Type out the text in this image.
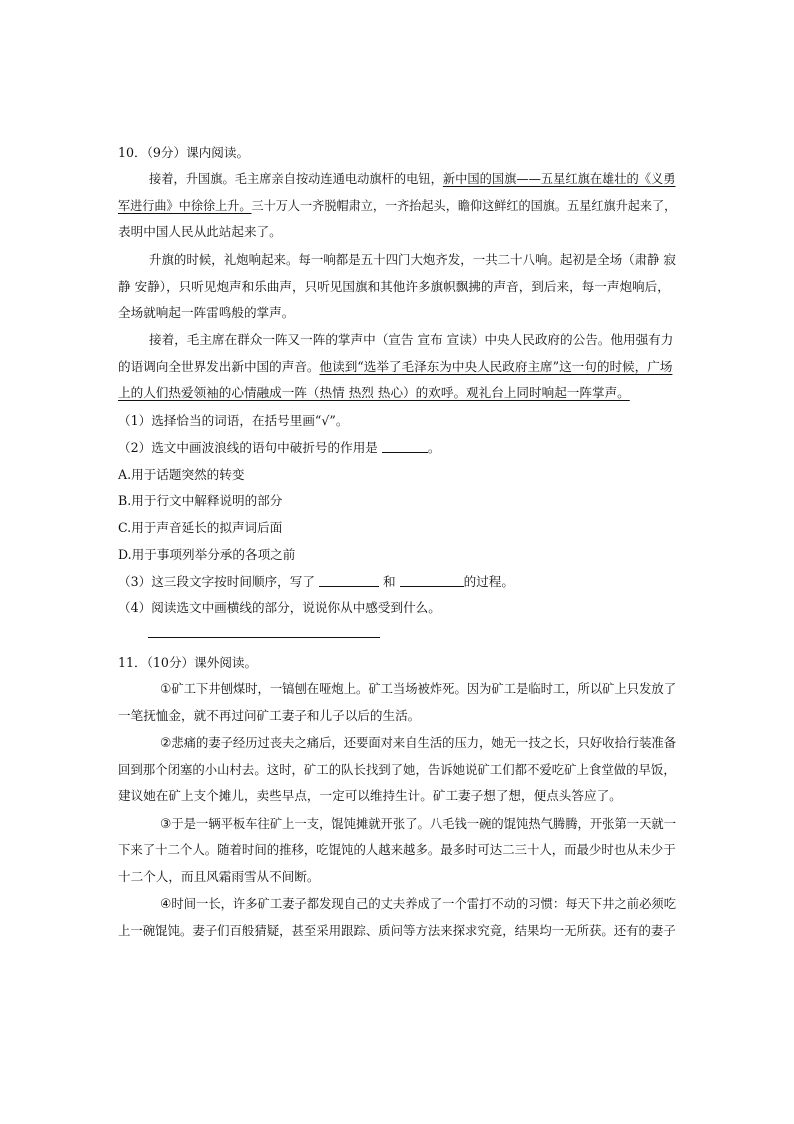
10．（9分）课内阅读。
接着，升国旗。毛主席亲自按动连通电动旗杆的电钮，新中国的国旗——五星红旗在雄壮的《义勇
军进行曲》中徐徐上升。三十万人一齐脱帽肃立，一齐抬起头，瞻仰这鲜红的国旗。五星红旗升起来了，
表明中国人民从此站起来了。
升旗的时候，礼炮响起来。每一响都是五十四门大炮齐发，一共二十八响。起初是全场（肃静 寂
静 安静），只听见炮声和乐曲声，只听见国旗和其他许多旗帜飘拂的声音，到后来，每一声炮响后，
全场就响起一阵雷鸣般的掌声。
接着，毛主席在群众一阵又一阵的掌声中（宣告 宣布 宣读）中央人民政府的公告。他用强有力
的语调向全世界发出新中国的声音。他读到“选举了毛泽东为中央人民政府主席”这一句的时候，广场
上的人们热爱领袖的心情融成一阵（热情 热烈 热心）的欢呼。观礼台上同时响起一阵掌声。
（1）选择恰当的词语，在括号里画“√”。
（2）选文中画波浪线的语句中破折号的作用是	。
A.用于话题突然的转变
B.用于行文中解释说明的部分
C.用于声音延长的拟声词后面
D.用于事项列举分承的各项之前
（3）这三段文字按时间顺序，写了	和	的过程。
（4）阅读选文中画横线的部分，说说你从中感受到什么。
11．（10分）课外阅读。
①矿工下井刨煤时，一镐刨在哑炮上。矿工当场被炸死。因为矿工是临时工，所以矿上只发放了
一笔抚恤金，就不再过问矿工妻子和儿子以后的生活。
②悲痛的妻子经历过丧夫之痛后，还要面对来自生活的压力，她无一技之长，只好收拾行装准备
回到那个闭塞的小山村去。这时，矿工的队长找到了她，告诉她说矿工们都不爱吃矿上食堂做的早饭，
建议她在矿上支个摊儿，卖些早点，一定可以维持生计。矿工妻子想了想，便点头答应了。
③于是一辆平板车往矿上一支，馄饨摊就开张了。八毛钱一碗的馄饨热气腾腾，开张第一天就一
下来了十二个人。随着时间的推移，吃馄饨的人越来越多。最多时可达二三十人，而最少时也从未少于
十二个人，而且风霜雨雪从不间断。
④时间一长，许多矿工妻子都发现自己的丈夫养成了一个雷打不动的习惯：每天下井之前必须吃
上一碗馄饨。妻子们百般猜疑，甚至采用跟踪、质问等方法来探求究竟，结果均一无所获。还有的妻子
